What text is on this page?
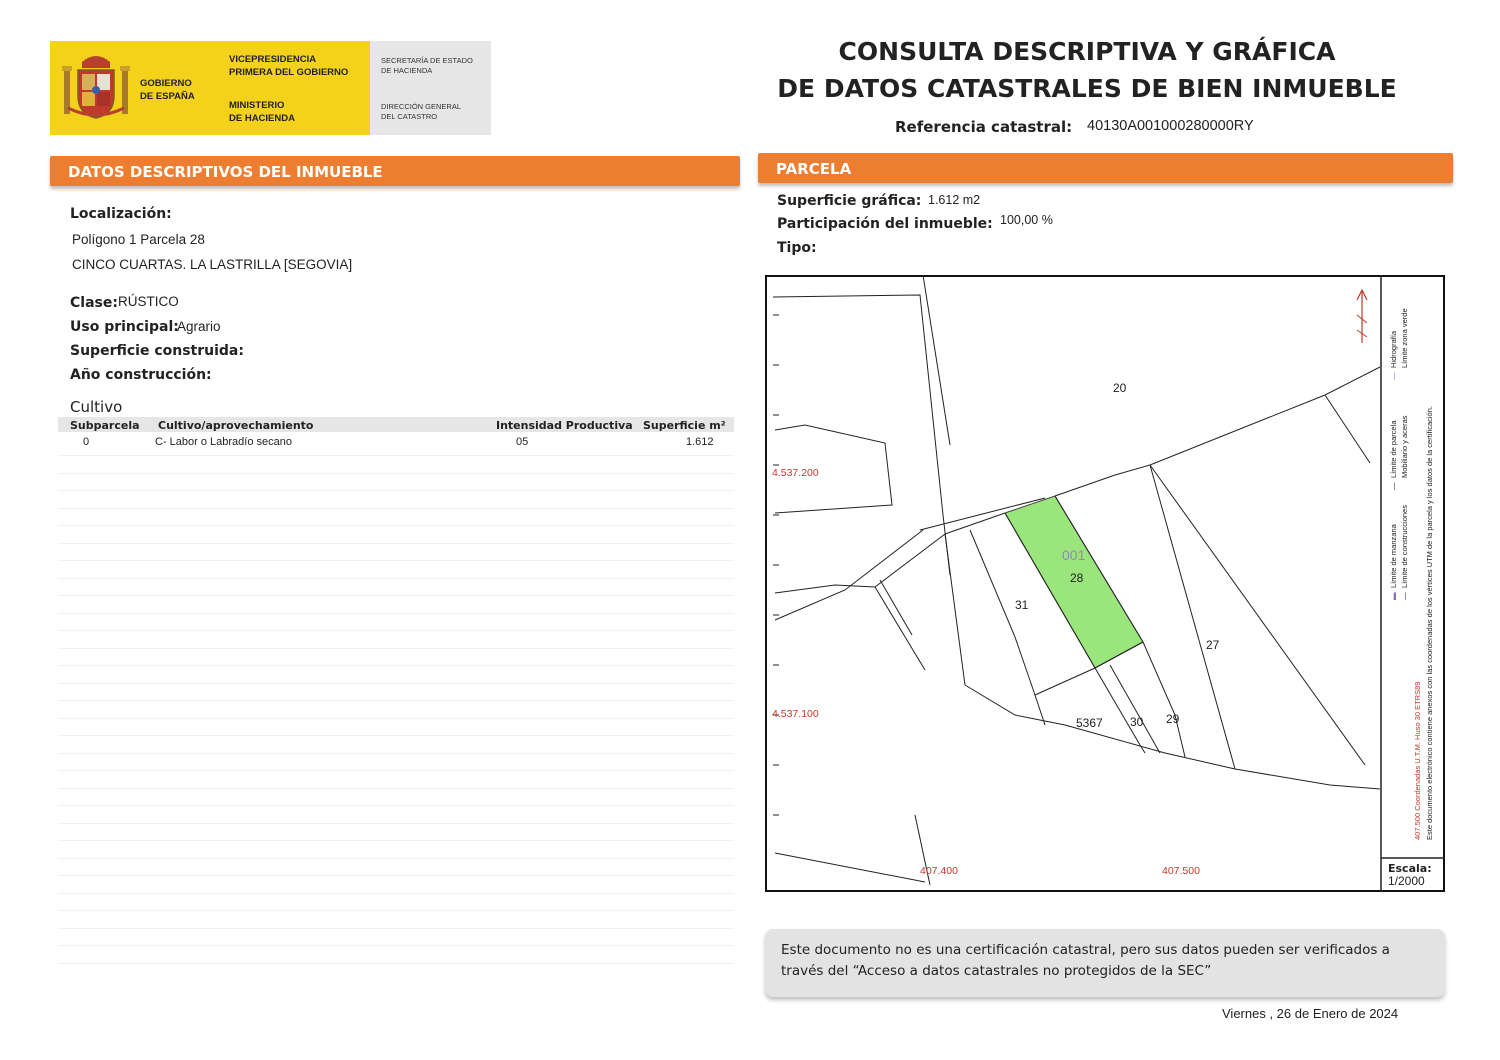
GOBIERNO
DE ESPAÑA
VICEPRESIDENCIA
PRIMERA DEL GOBIERNO
MINISTERIO
DE HACIENDA
SECRETARÍA DE ESTADO
DE HACIENDA
DIRECCIÓN GENERAL
DEL CATASTRO
CONSULTA DESCRIPTIVA Y GRÁFICA
DE DATOS CATASTRALES DE BIEN INMUEBLE
Referencia catastral: 40130A001000280000RY
DATOS DESCRIPTIVOS DEL INMUEBLE
Localización:
Polígono 1 Parcela 28
CINCO CUARTAS. LA LASTRILLA [SEGOVIA]
Clase: RÚSTICO
Uso principal:
Agrario
Superficie construida:
Año construcción:
Cultivo
Subparcela Cultivo/aprovechamiento	Intensidad Productiva Superficie m²
0	C- Labor o Labradío secano	05	1.612
PARCELA
Superficie gráfica: 1.612 m2
Participación del inmueble: 100,00 %
Tipo:
20
001
28
31
27
5367 30 29
4.537.200
4.537.100
407.400	407.500
▬
Límite de manzana
—
Límite de parcela
—
Límite de construcciones
Mobiliario y aceras
—
Hidrografía Límite zona verde
407.500 Coordenadas U.T.M. Huso 30 ETRS89 Este documento electrónico contiene anexos con las coordenadas de los vértices UTM de la parcela y los datos de la certificación.
Escala:
1/2000
Este documento no es una certificación catastral, pero sus datos pueden ser verificados a
través del “Acceso a datos catastrales no protegidos de la SEC”
Viernes , 26 de Enero de 2024
